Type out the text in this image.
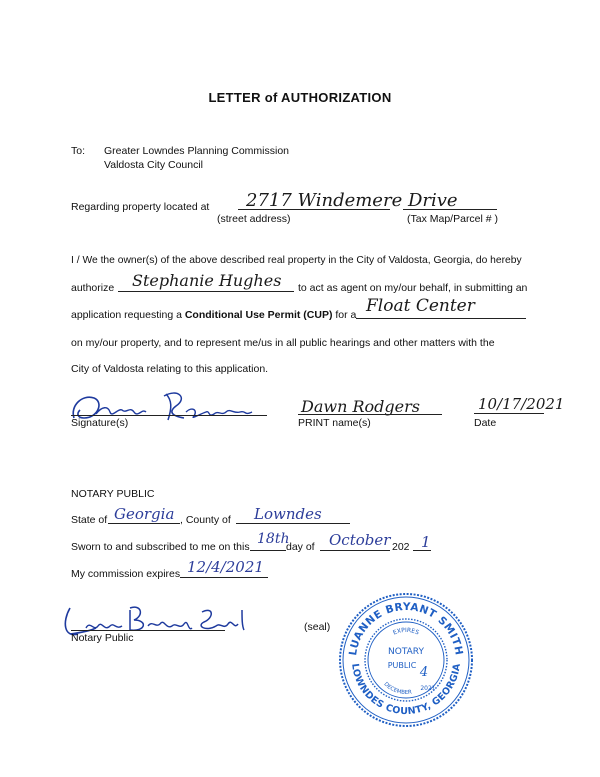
LETTER of AUTHORIZATION
To: Greater Lowndes Planning Commission
Valdosta City Council
Regarding property located at 2717 Windemere Drive
(street address)	(Tax Map/Parcel # )
I / We the owner(s) of the above described real property in the City of Valdosta, Georgia, do hereby
authorize Stephanie Hughes to act as agent on my/our behalf, in submitting an
application requesting a Conditional Use Permit (CUP) for a Float Center
on my/our property, and to represent me/us in all public hearings and other matters with the
City of Valdosta relating to this application.
Signature(s)
Dawn Rodgers
PRINT name(s)
10/17/2021
Date
NOTARY PUBLIC
State of Georgia , County of Lowndes
Sworn to and subscribed to me on this 18th
day of October 202 1
My commission expires 12/4/2021
Notary Public
(seal)
LUANNE BRYANT SMITH
LOWNDES COUNTY, GEORGIA
EXPIRES
NOTARY
PUBLIC 4
DECEMBER
2021
